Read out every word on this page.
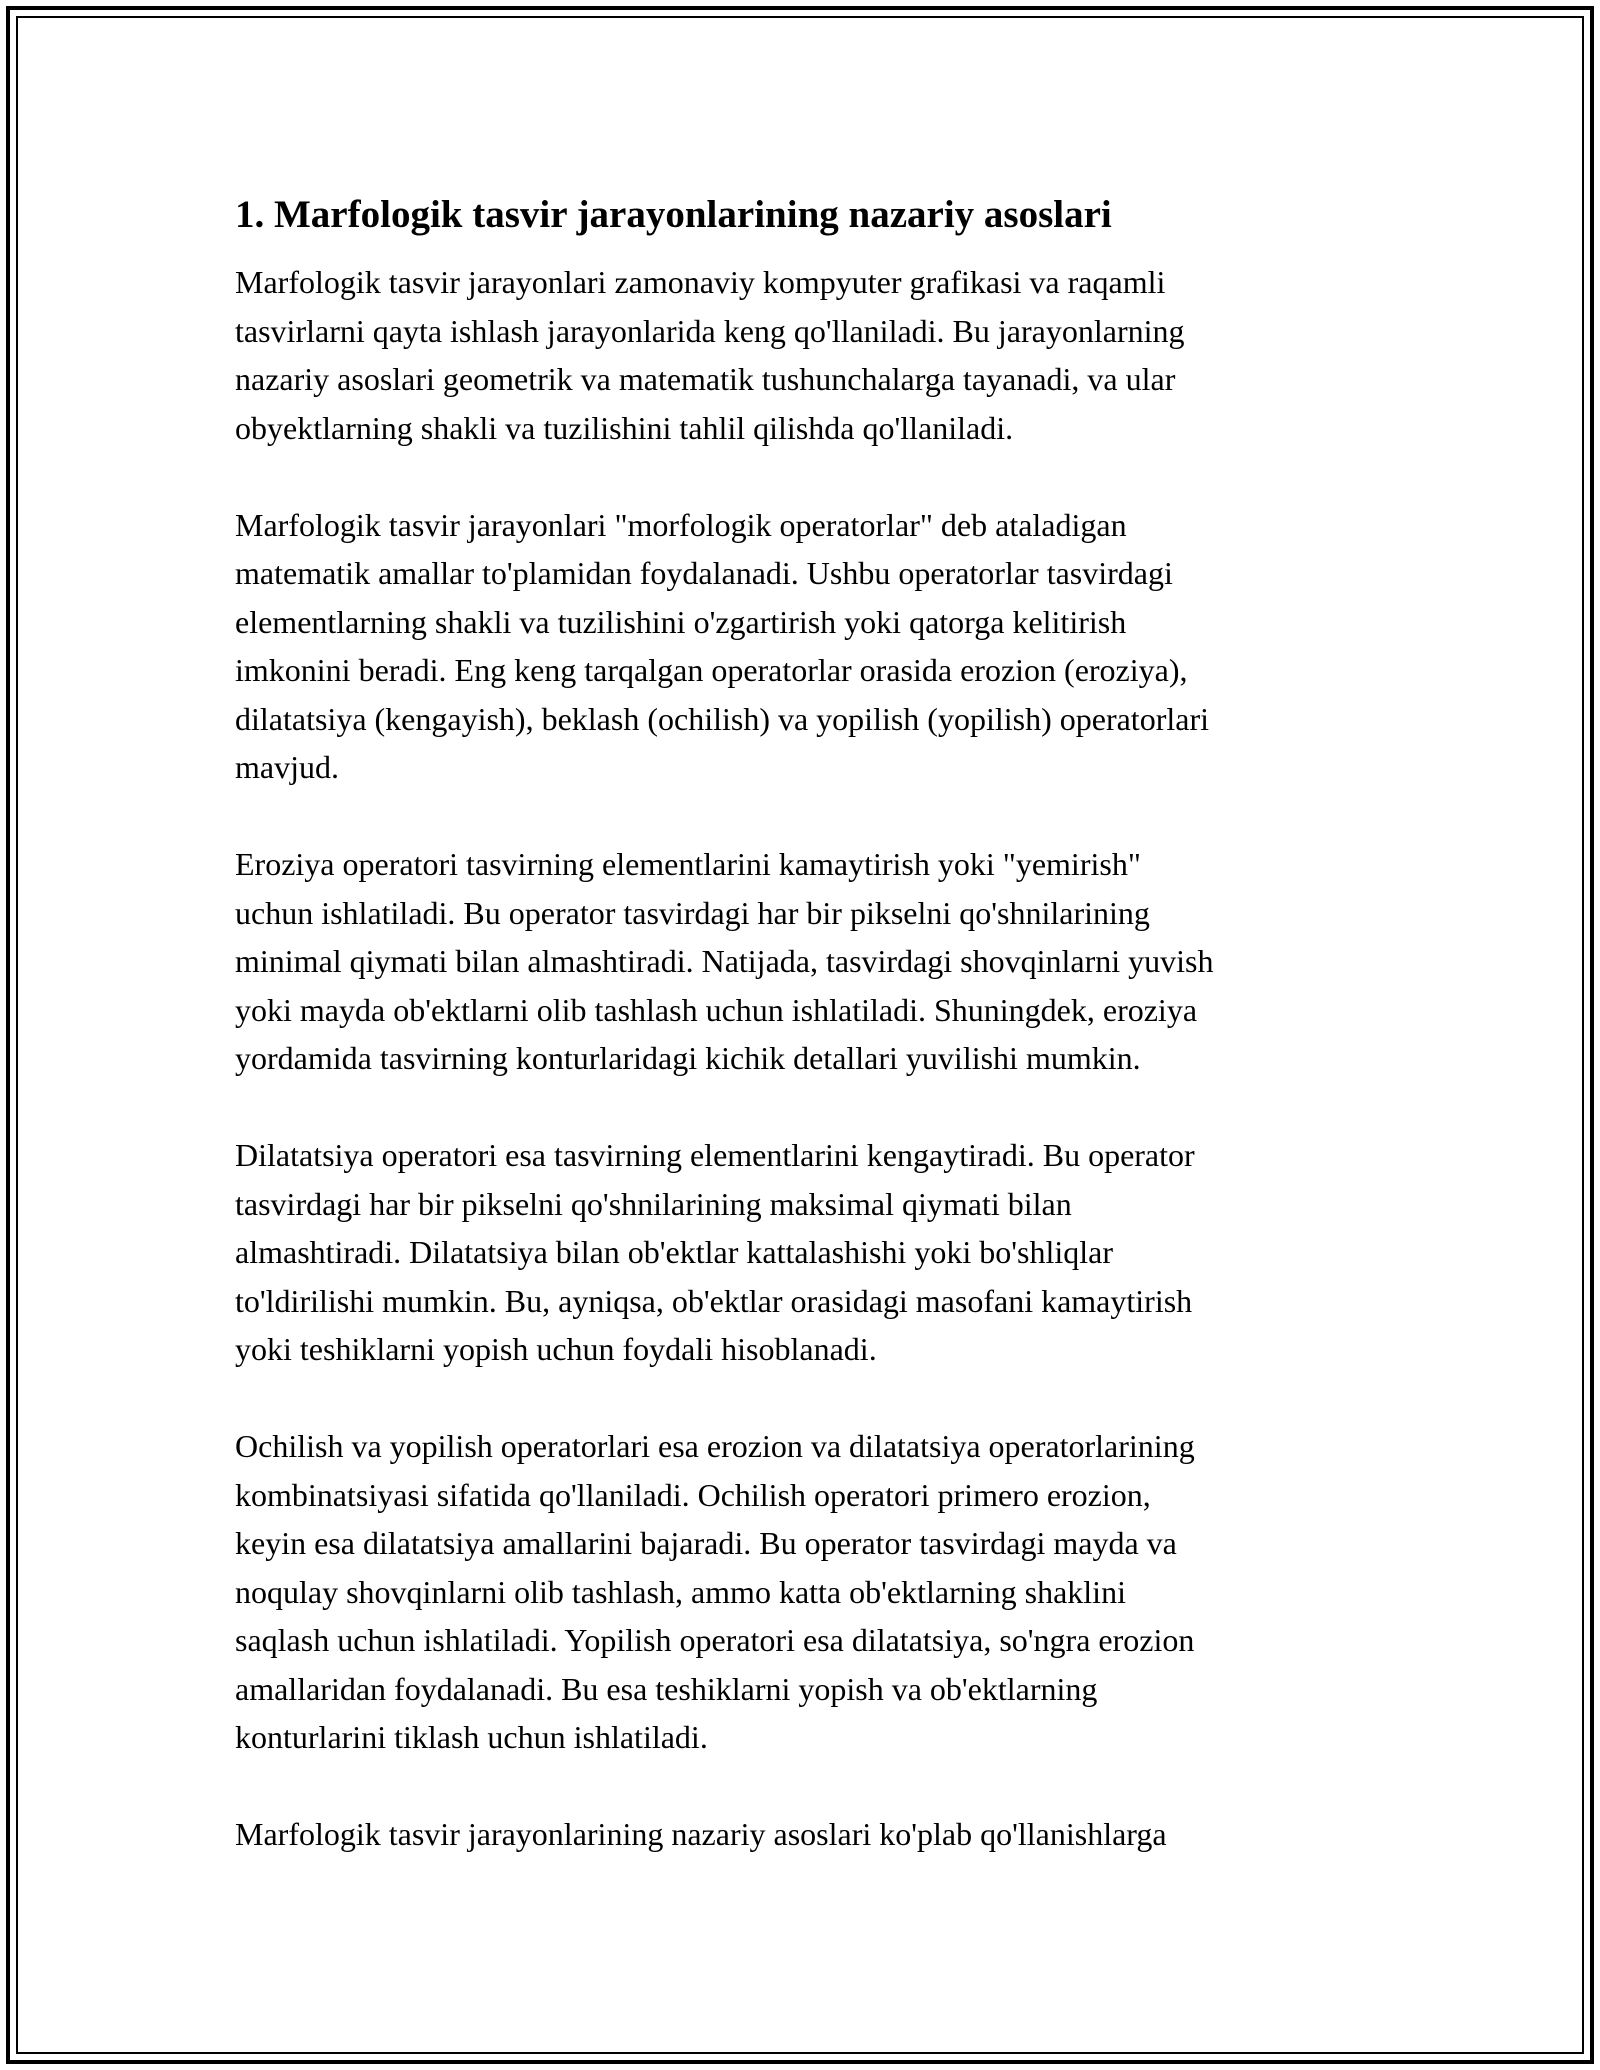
1. Marfologik tasvir jarayonlarining nazariy asoslari

Marfologik tasvir jarayonlari zamonaviy kompyuter grafikasi va raqamli
tasvirlarni qayta ishlash jarayonlarida keng qo'llaniladi. Bu jarayonlarning
nazariy asoslari geometrik va matematik tushunchalarga tayanadi, va ular
obyektlarning shakli va tuzilishini tahlil qilishda qo'llaniladi.

Marfologik tasvir jarayonlari "morfologik operatorlar" deb ataladigan
matematik amallar to'plamidan foydalanadi. Ushbu operatorlar tasvirdagi
elementlarning shakli va tuzilishini o'zgartirish yoki qatorga kelitirish
imkonini beradi. Eng keng tarqalgan operatorlar orasida erozion (eroziya),
dilatatsiya (kengayish), beklash (ochilish) va yopilish (yopilish) operatorlari
mavjud.

Eroziya operatori tasvirning elementlarini kamaytirish yoki "yemirish"
uchun ishlatiladi. Bu operator tasvirdagi har bir pikselni qo'shnilarining
minimal qiymati bilan almashtiradi. Natijada, tasvirdagi shovqinlarni yuvish
yoki mayda ob'ektlarni olib tashlash uchun ishlatiladi. Shuningdek, eroziya
yordamida tasvirning konturlaridagi kichik detallari yuvilishi mumkin.

Dilatatsiya operatori esa tasvirning elementlarini kengaytiradi. Bu operator
tasvirdagi har bir pikselni qo'shnilarining maksimal qiymati bilan
almashtiradi. Dilatatsiya bilan ob'ektlar kattalashishi yoki bo'shliqlar
to'ldirilishi mumkin. Bu, ayniqsa, ob'ektlar orasidagi masofani kamaytirish
yoki teshiklarni yopish uchun foydali hisoblanadi.

Ochilish va yopilish operatorlari esa erozion va dilatatsiya operatorlarining
kombinatsiyasi sifatida qo'llaniladi. Ochilish operatori primero erozion,
keyin esa dilatatsiya amallarini bajaradi. Bu operator tasvirdagi mayda va
noqulay shovqinlarni olib tashlash, ammo katta ob'ektlarning shaklini
saqlash uchun ishlatiladi. Yopilish operatori esa dilatatsiya, so'ngra erozion
amallaridan foydalanadi. Bu esa teshiklarni yopish va ob'ektlarning
konturlarini tiklash uchun ishlatiladi.

Marfologik tasvir jarayonlarining nazariy asoslari ko'plab qo'llanishlarga
